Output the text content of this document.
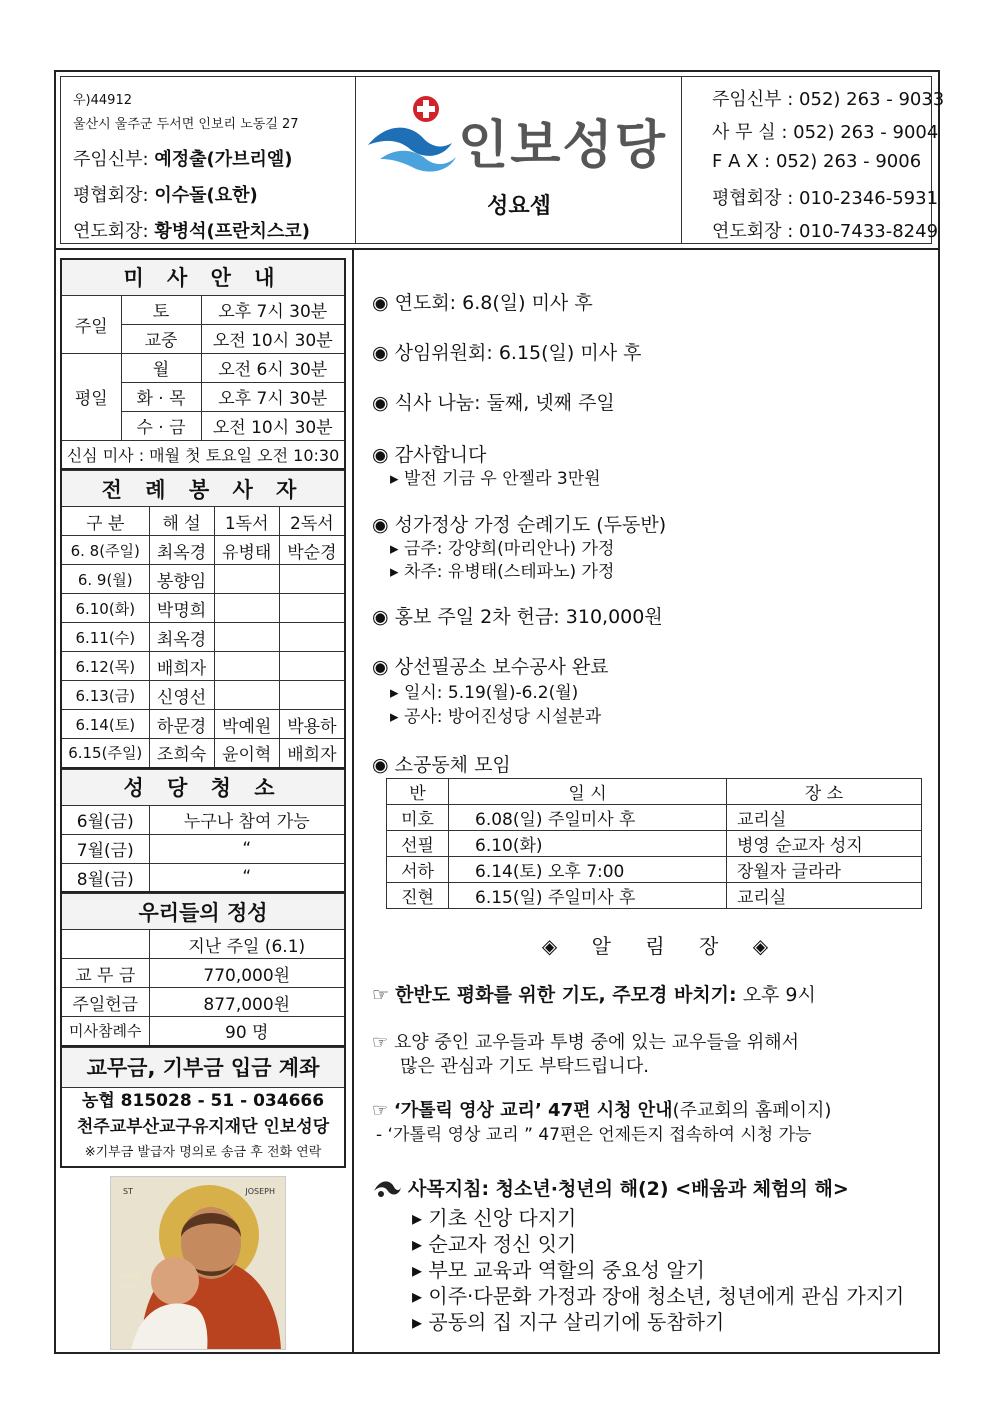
우)44912
울산시 울주군 두서면 인보리 노동길 27
주임신부: 예정출(가브리엘)
평협회장: 이수돌(요한)
연도회장: 황병석(프란치스코)
인보성당
성요셉
주임신부 : 052) 263 - 9033
사 무 실 : 052) 263 - 9004
F A X : 052) 263 - 9006
평협회장 : 010-2346-5931
연도회장 : 010-7433-8249
미 사 안 내		
주일	토	오후 7시 30분
	교중	오전 10시 30분
평일	월	오전 6시 30분
	화 · 목	오후 7시 30분
	수 · 금	오전 10시 30분
신심 미사 : 매월 첫 토요일 오전 10:30		
전 례 봉 사 자			
구 분	해 설	1독서	2독서
6. 8(주일)	최옥경	유병태	박순경
6. 9(월)	봉향임		
6.10(화)	박명희		
6.11(수)	최옥경		
6.12(목)	배희자		
6.13(금)	신영선		
6.14(토)	하문경	박예원	박용하
6.15(주일)	조희숙	윤이혁	배희자
성 당 청 소	
6월(금)	누구나 참여 가능
7월(금)	“
8월(금)	“
우리들의 정성	
	지난 주일 (6.1)
교 무 금	770,000원
주일헌금	877,000원
미사참례수	90 명
교무금, 기부금 입금 계좌

농협 815028 - 51 - 034666
천주교부산교구유지재단 인보성당
※기부금 발급자 명의로 송금 후 전화 연락
ST	JOSEPH
ANIMA MEA
◉ 연도회: 6.8(일) 미사 후
◉ 상임위원회: 6.15(일) 미사 후
◉ 식사 나눔: 둘째, 넷째 주일
◉ 감사합니다
▸ 발전 기금 우 안젤라 3만원
◉ 성가정상 가정 순례기도 (두동반)
▸ 금주: 강양희(마리안나) 가정
▸ 차주: 유병태(스테파노) 가정
◉ 홍보 주일 2차 헌금: 310,000원
◉ 상선필공소 보수공사 완료
▸ 일시: 5.19(월)-6.2(월)
▸ 공사: 방어진성당 시설분과
◉ 소공동체 모임
반	일 시	장 소
미호	6.08(일) 주일미사 후	교리실
선필	6.10(화)	병영 순교자 성지
서하	6.14(토) 오후 7:00	장월자 글라라
진현	6.15(일) 주일미사 후	교리실
◈ 알 림 장 ◈
☞ 한반도 평화를 위한 기도, 주모경 바치기: 오후 9시
☞ 요양 중인 교우들과 투병 중에 있는 교우들을 위해서
많은 관심과 기도 부탁드립니다.
☞ ‘가톨릭 영상 교리’ 47편 시청 안내(주교회의 홈페이지)
- ‘가톨릭 영상 교리 ” 47편은 언제든지 접속하여 시청 가능
사목지침: 청소년·청년의 해(2) <배움과 체험의 해>
▸ 기초 신앙 다지기
▸ 순교자 정신 잇기
▸ 부모 교육과 역할의 중요성 알기
▸ 이주·다문화 가정과 장애 청소년, 청년에게 관심 가지기
▸ 공동의 집 지구 살리기에 동참하기
